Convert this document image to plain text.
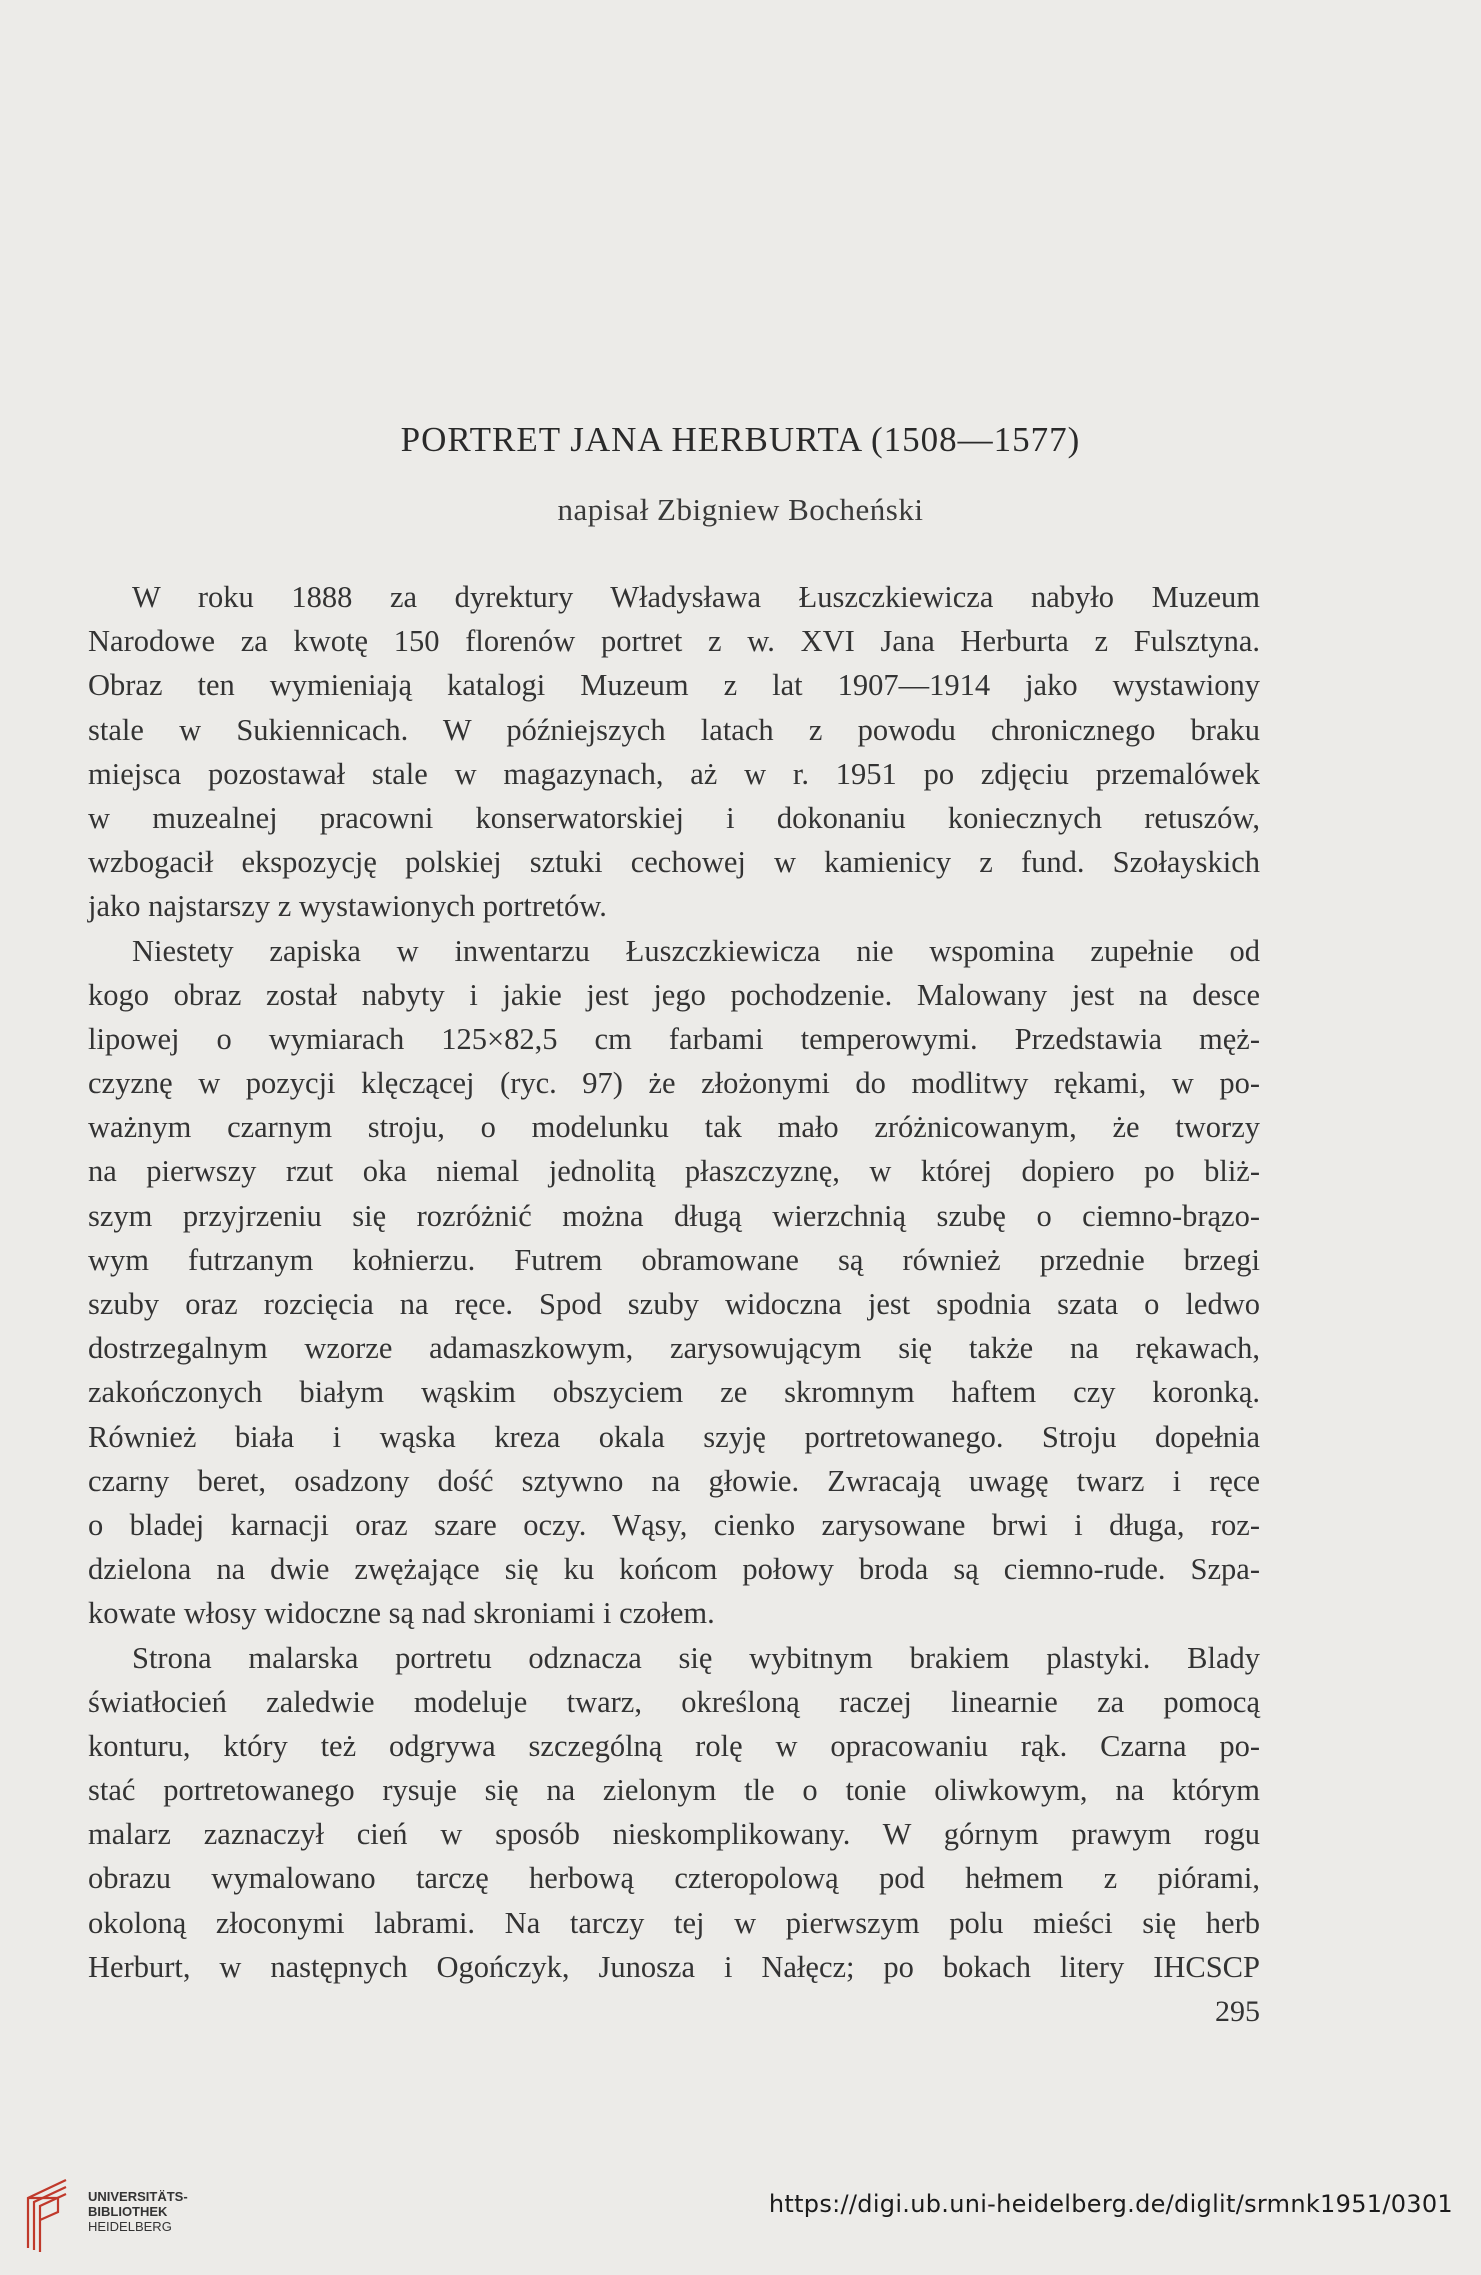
PORTRET JANA HERBURTA (1508—1577)
napisał Zbigniew Bocheński
W roku 1888 za dyrektury Władysława Łuszczkiewicza nabyło Muzeum
Narodowe za kwotę 150 florenów portret z w. XVI Jana Herburta z Fulsztyna.
Obraz ten wymieniają katalogi Muzeum z lat 1907—1914 jako wystawiony
stale w Sukiennicach. W późniejszych latach z powodu chronicznego braku
miejsca pozostawał stale w magazynach, aż w r. 1951 po zdjęciu przemalówek
w muzealnej pracowni konserwatorskiej i dokonaniu koniecznych retuszów,
wzbogacił ekspozycję polskiej sztuki cechowej w kamienicy z fund. Szołayskich
jako najstarszy z wystawionych portretów.
Niestety zapiska w inwentarzu Łuszczkiewicza nie wspomina zupełnie od
kogo obraz został nabyty i jakie jest jego pochodzenie. Malowany jest na desce
lipowej o wymiarach 125×82,5 cm farbami temperowymi. Przedstawia męż-
czyznę w pozycji klęczącej (ryc. 97) że złożonymi do modlitwy rękami, w po-
ważnym czarnym stroju, o modelunku tak mało zróżnicowanym, że tworzy
na pierwszy rzut oka niemal jednolitą płaszczyznę, w której dopiero po bliż-
szym przyjrzeniu się rozróżnić można długą wierzchnią szubę o ciemno-brązo-
wym futrzanym kołnierzu. Futrem obramowane są również przednie brzegi
szuby oraz rozcięcia na ręce. Spod szuby widoczna jest spodnia szata o ledwo
dostrzegalnym wzorze adamaszkowym, zarysowującym się także na rękawach,
zakończonych białym wąskim obszyciem ze skromnym haftem czy koronką.
Również biała i wąska kreza okala szyję portretowanego. Stroju dopełnia
czarny beret, osadzony dość sztywno na głowie. Zwracają uwagę twarz i ręce
o bladej karnacji oraz szare oczy. Wąsy, cienko zarysowane brwi i długa, roz-
dzielona na dwie zwężające się ku końcom połowy broda są ciemno-rude. Szpa-
kowate włosy widoczne są nad skroniami i czołem.
Strona malarska portretu odznacza się wybitnym brakiem plastyki. Blady
światłocień zaledwie modeluje twarz, określoną raczej linearnie za pomocą
konturu, który też odgrywa szczególną rolę w opracowaniu rąk. Czarna po-
stać portretowanego rysuje się na zielonym tle o tonie oliwkowym, na którym
malarz zaznaczył cień w sposób nieskomplikowany. W górnym prawym rogu
obrazu wymalowano tarczę herbową czteropolową pod hełmem z piórami,
okoloną złoconymi labrami. Na tarczy tej w pierwszym polu mieści się herb
Herburt, w następnych Ogończyk, Junosza i Nałęcz; po bokach litery IHCSCP
295
UNIVERSITÄTS-
BIBLIOTHEK
HEIDELBERG
https://digi.ub.uni-heidelberg.de/diglit/srmnk1951/0301
